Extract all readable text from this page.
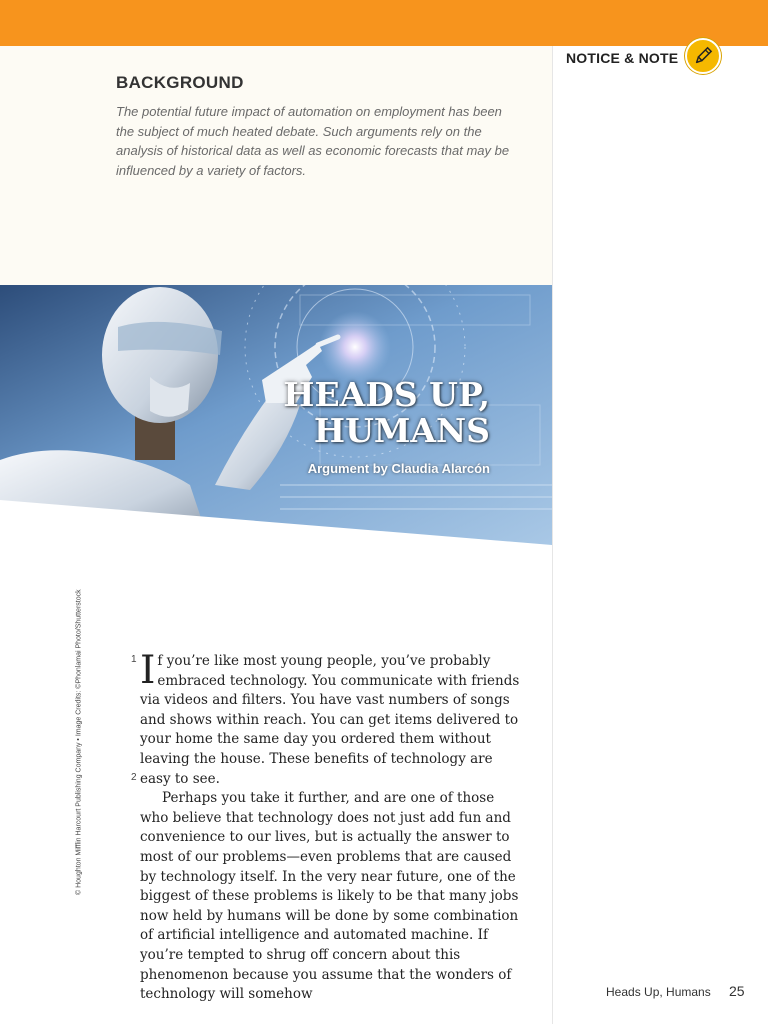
NOTICE & NOTE
BACKGROUND
The potential future impact of automation on employment has been the subject of much heated debate. Such arguments rely on the analysis of historical data as well as economic forecasts that may be influenced by a variety of factors.
HEADS UP,
HUMANS
Argument by Claudia Alarcón
© Houghton Mifflin Harcourt Publishing Company • Image Credits: ©Phonlamai Photo/Shutterstock	1
2

If you’re like most young people, you’ve probably embraced technology. You communicate with friends via videos and filters. You have vast numbers of songs and shows within reach. You can get items delivered to your home the same day you ordered them without leaving the house. These benefits of technology are easy to see.

Perhaps you take it further, and are one of those who believe that technology does not just add fun and convenience to our lives, but is actually the answer to most of our problems—even problems that are caused by technology itself. In the very near future, one of the biggest of these problems is likely to be that many jobs now held by humans will be done by some combination of artificial intelligence and automated machine. If you’re tempted to shrug off concern about this phenomenon because you assume that the wonders of technology will somehow	Heads Up, Humans 25
